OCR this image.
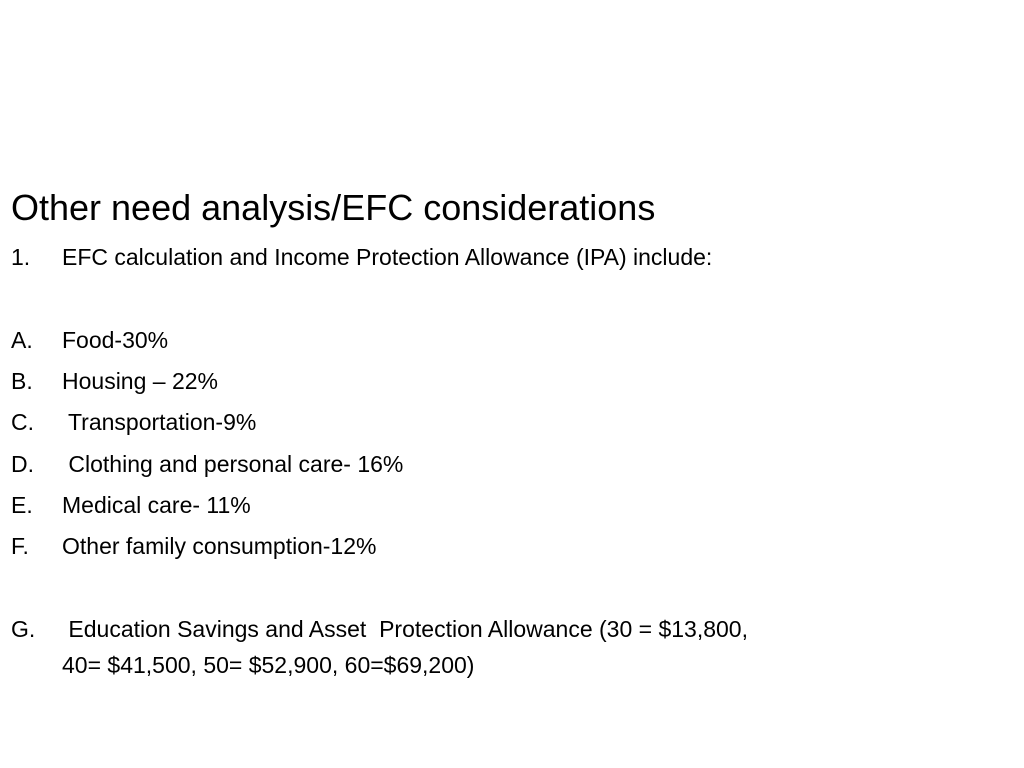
Other need analysis/EFC considerations
1. EFC calculation and Income Protection Allowance (IPA) include:
A. Food-30%
B. Housing – 22%
C. Transportation-9%
D. Clothing and personal care- 16%
E. Medical care- 11%
F. Other family consumption-12%
G. Education Savings and Asset  Protection Allowance (30 = $13,800,
40= $41,500, 50= $52,900, 60=$69,200)
